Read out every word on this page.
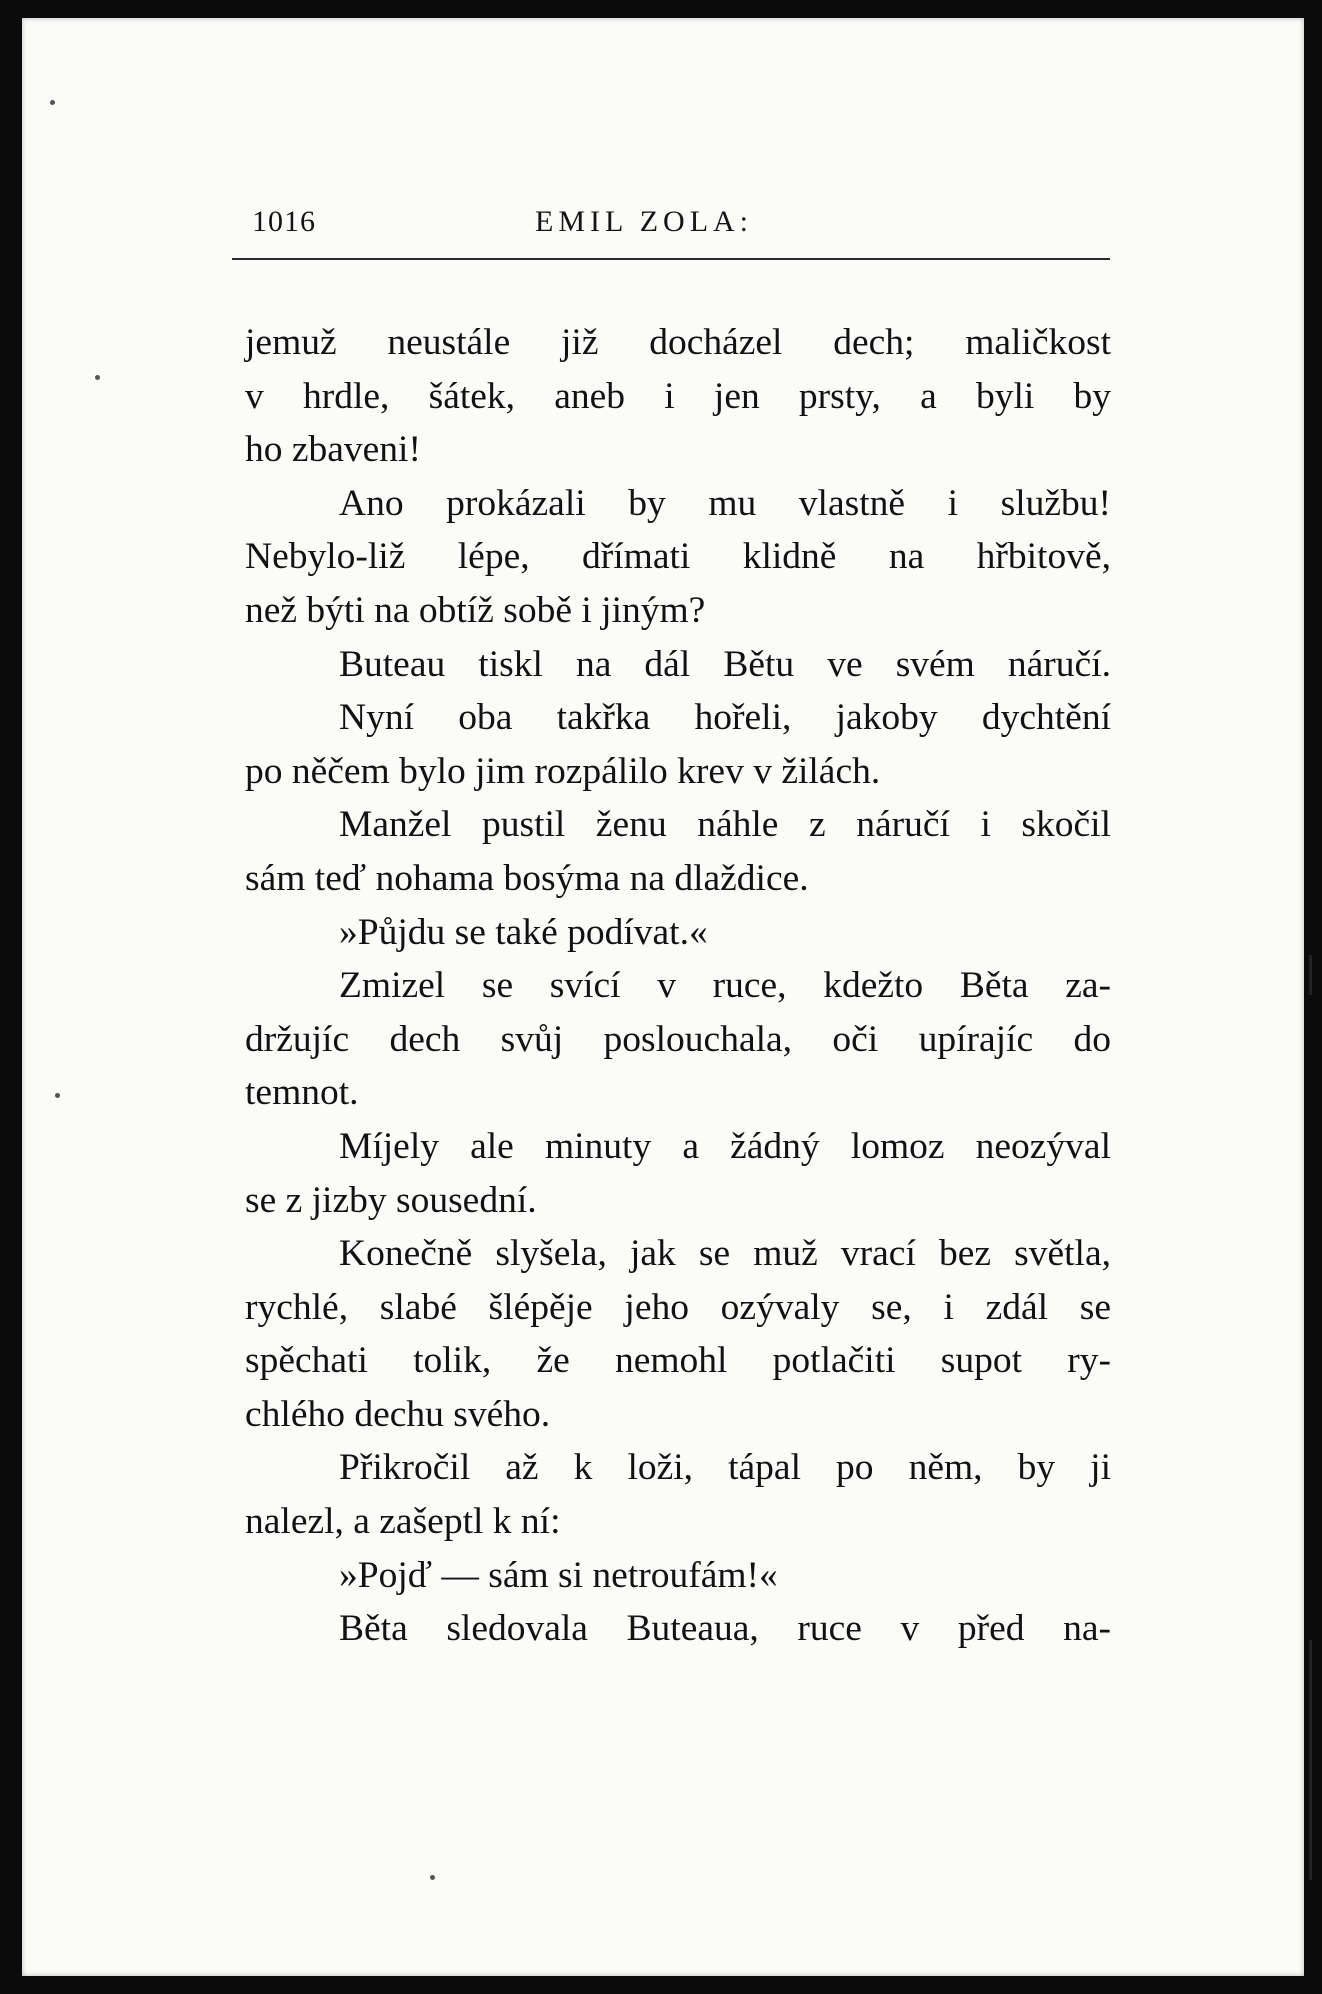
1016	EMIL ZOLA:
jemuž neustále již docházel dech; maličkost
v hrdle, šátek, aneb i jen prsty, a byli by
ho zbaveni!
Ano prokázali by mu vlastně i službu!
Nebylo-liž lépe, dřímati klidně na hřbitově,
než býti na obtíž sobě i jiným?
Buteau tiskl na dál Bětu ve svém náručí.
Nyní oba takřka hořeli, jakoby dychtění
po něčem bylo jim rozpálilo krev v žilách.
Manžel pustil ženu náhle z náručí i skočil
sám teď nohama bosýma na dlaždice.
»Půjdu se také podívat.«
Zmizel se svící v ruce, kdežto Běta za-
držujíc dech svůj poslouchala, oči upírajíc do
temnot.
Míjely ale minuty a žádný lomoz neozýval
se z jizby sousední.
Konečně slyšela, jak se muž vrací bez světla,
rychlé, slabé šlépěje jeho ozývaly se, i zdál se
spěchati tolik, že nemohl potlačiti supot ry-
chlého dechu svého.
Přikročil až k loži, tápal po něm, by ji
nalezl, a zašeptl k ní:
»Pojď — sám si netroufám!«
Běta sledovala Buteaua, ruce v před na-
